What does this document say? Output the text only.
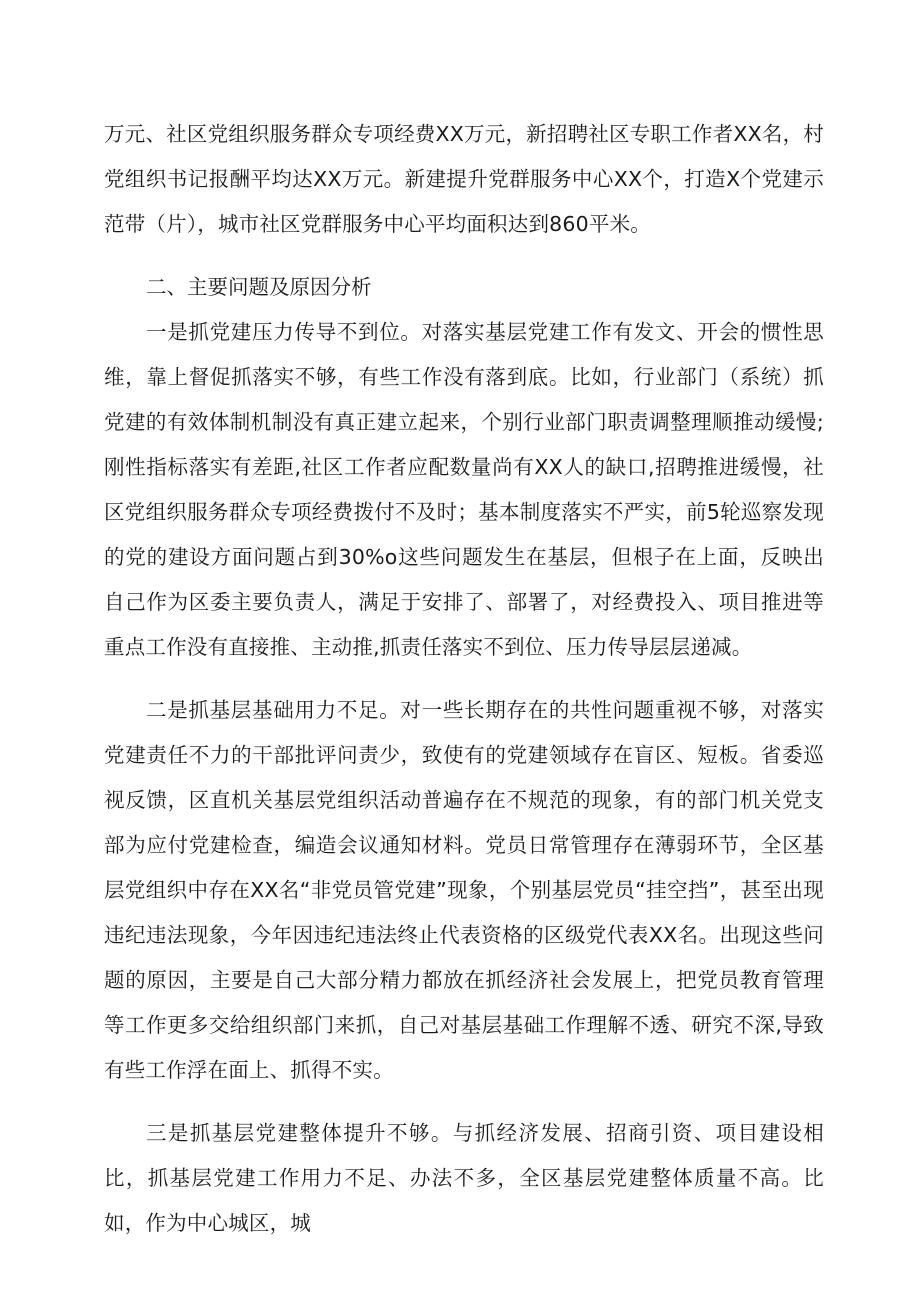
万元、社区党组织服务群众专项经费XX万元，新招聘社区专职工作者XX名，村党组织书记报酬平均达XX万元。新建提升党群服务中心XX个，打造X个党建示范带（片），城市社区党群服务中心平均面积达到860平米。

二、主要问题及原因分析

一是抓党建压力传导不到位。对落实基层党建工作有发文、开会的惯性思维，靠上督促抓落实不够，有些工作没有落到底。比如，行业部门（系统）抓党建的有效体制机制没有真正建立起来，个别行业部门职责调整理顺推动缓慢;刚性指标落实有差距,社区工作者应配数量尚有XX人的缺口,招聘推进缓慢，社区党组织服务群众专项经费拨付不及时；基本制度落实不严实，前5轮巡察发现的党的建设方面问题占到30%o这些问题发生在基层，但根子在上面，反映出自己作为区委主要负责人，满足于安排了、部署了，对经费投入、项目推进等重点工作没有直接推、主动推,抓责任落实不到位、压力传导层层递减。

二是抓基层基础用力不足。对一些长期存在的共性问题重视不够，对落实党建责任不力的干部批评问责少，致使有的党建领域存在盲区、短板。省委巡视反馈，区直机关基层党组织活动普遍存在不规范的现象，有的部门机关党支部为应付党建检查，编造会议通知材料。党员日常管理存在薄弱环节，全区基层党组织中存在XX名“非党员管党建”现象，个别基层党员“挂空挡”，甚至出现违纪违法现象，今年因违纪违法终止代表资格的区级党代表XX名。出现这些问题的原因，主要是自己大部分精力都放在抓经济社会发展上，把党员教育管理等工作更多交给组织部门来抓，自己对基层基础工作理解不透、研究不深,导致有些工作浮在面上、抓得不实。

三是抓基层党建整体提升不够。与抓经济发展、招商引资、项目建设相比，抓基层党建工作用力不足、办法不多，全区基层党建整体质量不高。比如，作为中心城区，城
